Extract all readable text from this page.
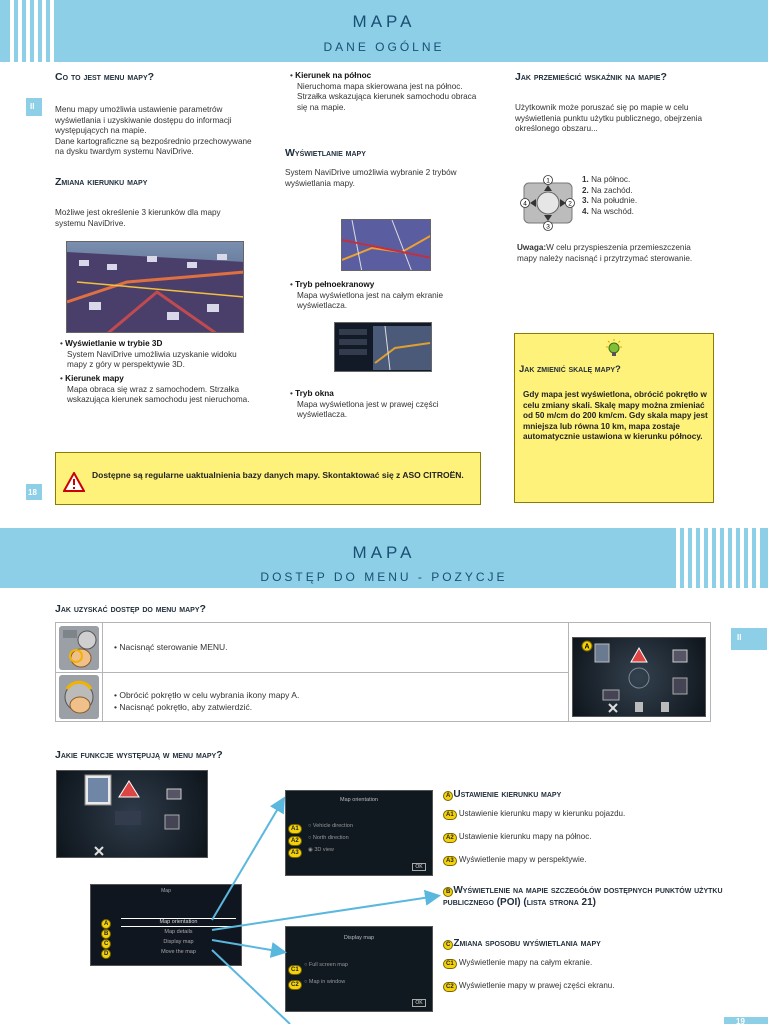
MAPA
DANE OGÓLNE
II
18
Co to jest menu mapy?
Menu mapy umożliwia ustawienie parametrów wyświetlania i uzyskiwanie dostępu do informacji występujących na mapie.
Dane kartograficzne są bezpośrednio przechowywane na dysku twardym systemu NaviDrive.
Zmiana kierunku mapy
Możliwe jest określenie 3 kierunków dla mapy systemu NaviDrive.
• Wyświetlanie w trybie 3D

System NaviDrive umożliwia uzyskanie widoku mapy z góry w perspektywie 3D.
• Kierunek mapy

Mapa obraca się wraz z samochodem. Strzałka wskazująca kierunek samochodu jest nieruchoma.
• Kierunek na północ

Nieruchoma mapa skierowana jest na północ. Strzałka wskazująca kierunek samochodu obraca się na mapie.
Wyświetlanie mapy
System NaviDrive umożliwia wybranie 2 trybów wyświetlania mapy.
• Tryb pełnoekranowy

Mapa wyświetlona jest na całym ekranie wyświetlacza.
• Tryb okna

Mapa wyświetlona jest w prawej części wyświetlacza.
Jak przemieścić wskaźnik na mapie?
Użytkownik może poruszać się po mapie w celu wyświetlenia punktu użytku publicznego, obejrzenia określonego obszaru...
1
2
3
4
1. Na północ.
2. Na zachód.
3. Na południe.
4. Na wschód.
Uwaga:W celu przyspieszenia przemieszczenia mapy należy nacisnąć i przytrzymać sterowanie.
Jak zmienić skalę mapy?
Gdy mapa jest wyświetlona, obrócić pokrętło w celu zmiany skali. Skalę mapy można zmieniać od 50 m/cm do 200 km/cm. Gdy skala mapy jest mniejsza lub równa 10 km, mapa zostaje automatycznie ustawiona w kierunku północy.
Dostępne są regularne uaktualnienia bazy danych mapy. Skontaktować się z ASO CITROËN.
MAPA
DOSTĘP DO MENU - POZYCJE
II
19
Jak uzyskać dostęp do menu mapy?
• Nacisnąć sterowanie MENU.
• Obrócić pokrętło w celu wybrania ikony mapy A.
• Nacisnąć pokrętło, aby zatwierdzić.
A
Jakie funkcje występują w menu mapy?
Map
Map orientation
Map details
Display map
Move the map
A
B
C
D
Map orientation
○ Vehicle direction
○ North direction
◉ 3D view
A1
A2
A3
OK
Display map
○ Full screen map
○ Map in window
C1
C2
OK
A Ustawienie kierunku mapy
A1 Ustawienie kierunku mapy w kierunku pojazdu.
A2 Ustawienie kierunku mapy na północ.
A3 Wyświetlenie mapy w perspektywie.
B Wyświetlenie na mapie szczegółów dostępnych punktów użytku publicznego (POI) (lista strona 21)
C Zmiana sposobu wyświetlania mapy
C1 Wyświetlenie mapy na całym ekranie.
C2 Wyświetlenie mapy w prawej części ekranu.
